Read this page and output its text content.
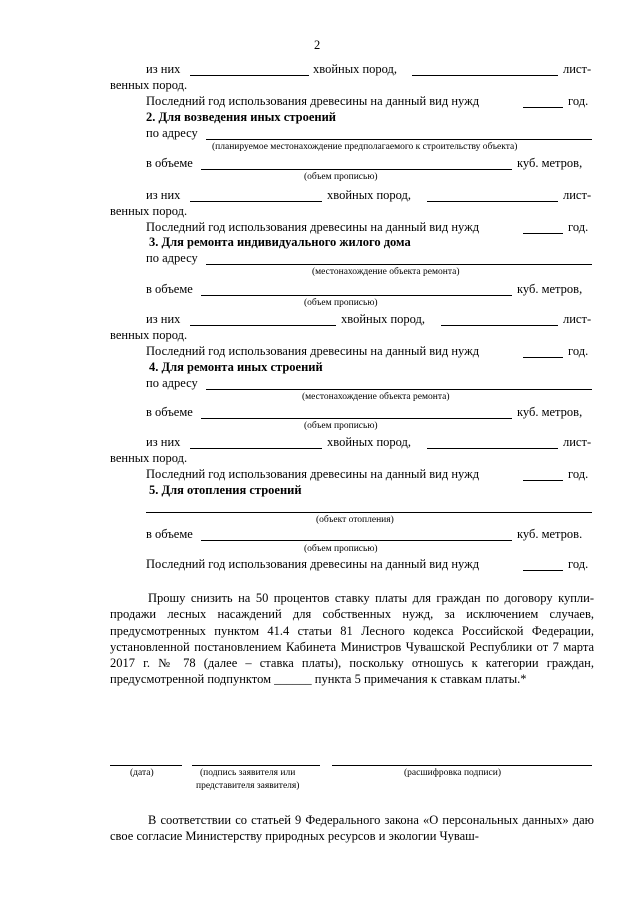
2
из них	хвойных пород,	лист-
венных пород.
Последний год использования древесины на данный вид нужд	год.
2. Для возведения иных строений
по адресу
(планируемое местонахождение предполагаемого к строительству объекта)
в объеме	куб. метров,
(объем прописью)
из них	хвойных пород,	лист-
венных пород.
Последний год использования древесины на данный вид нужд	год.
3. Для ремонта индивидуального жилого дома
по адресу
(местонахождение объекта ремонта)
в объеме	куб. метров,
(объем прописью)
из них	хвойных пород,	лист-
венных пород.
Последний год использования древесины на данный вид нужд	год.
4. Для ремонта иных строений
по адресу
(местонахождение объекта ремонта)
в объеме	куб. метров,
(объем прописью)
из них	хвойных пород,	лист-
венных пород.
Последний год использования древесины на данный вид нужд	год.
5. Для отопления строений
(объект отопления)
в объеме	куб. метров.
(объем прописью)
Последний год использования древесины на данный вид нужд	год.

Прошу снизить на 50 процентов ставку платы для граждан по договору купли-продажи лесных насаждений для собственных нужд, за исключением случаев, предусмотренных пунктом 41.4 статьи 81 Лесного кодекса Российской Федерации, установленной постановлением Кабинета Министров Чувашской Республики от 7 марта 2017 г. № 78 (далее – ставка платы), поскольку отношусь к категории граждан, предусмотренной подпунктом ______ пункта 5 примечания к ставкам платы.*

(дата)	(подпись заявителя или
представителя заявителя)
(расшифровка подписи)

В соответствии со статьей 9 Федерального закона «О персональных данных» даю свое согласие Министерству природных ресурсов и экологии Чуваш-
